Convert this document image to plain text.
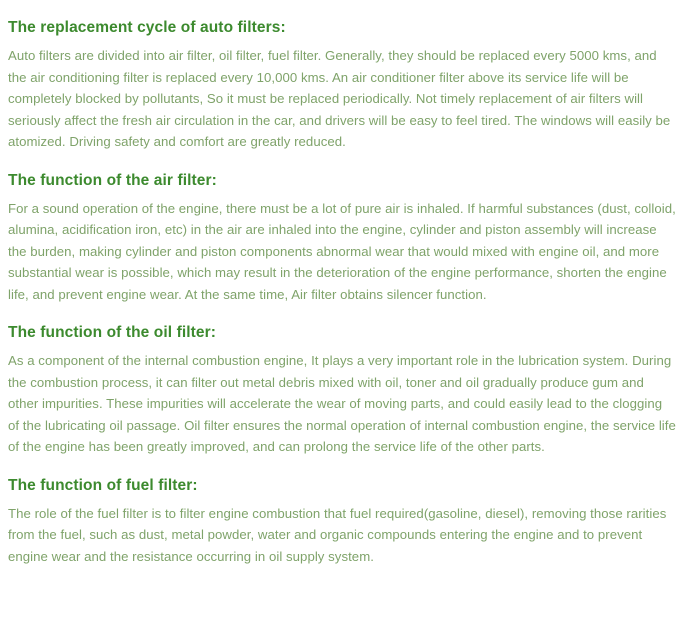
The replacement cycle of auto filters:

Auto filters are divided into air filter, oil filter, fuel filter. Generally, they should be replaced every 5000 kms, and the air conditioning filter is replaced every 10,000 kms. An air conditioner filter above its service life will be completely blocked by pollutants, So it must be replaced periodically. Not timely replacement of air filters will seriously affect the fresh air circulation in the car, and drivers will be easy to feel tired. The windows will easily be atomized. Driving safety and comfort are greatly reduced.

The function of the air filter:

For a sound operation of the engine, there must be a lot of pure air is inhaled. If harmful substances (dust, colloid, alumina, acidification iron, etc) in the air are inhaled into the engine, cylinder and piston assembly will increase the burden, making cylinder and piston components abnormal wear that would mixed with engine oil, and more substantial wear is possible, which may result in the deterioration of the engine performance, shorten the engine life, and prevent engine wear. At the same time, Air filter obtains silencer function.

The function of the oil filter:

As a component of the internal combustion engine, It plays a very important role in the lubrication system. During the combustion process, it can filter out metal debris mixed with oil, toner and oil gradually produce gum and other impurities. These impurities will accelerate the wear of moving parts, and could easily lead to the clogging of the lubricating oil passage. Oil filter ensures the normal operation of internal combustion engine, the service life of the engine has been greatly improved, and can prolong the service life of the other parts.

The function of fuel filter:

The role of the fuel filter is to filter engine combustion that fuel required(gasoline, diesel), removing those rarities from the fuel, such as dust, metal powder, water and organic compounds entering the engine and to prevent engine wear and the resistance occurring in oil supply system.
